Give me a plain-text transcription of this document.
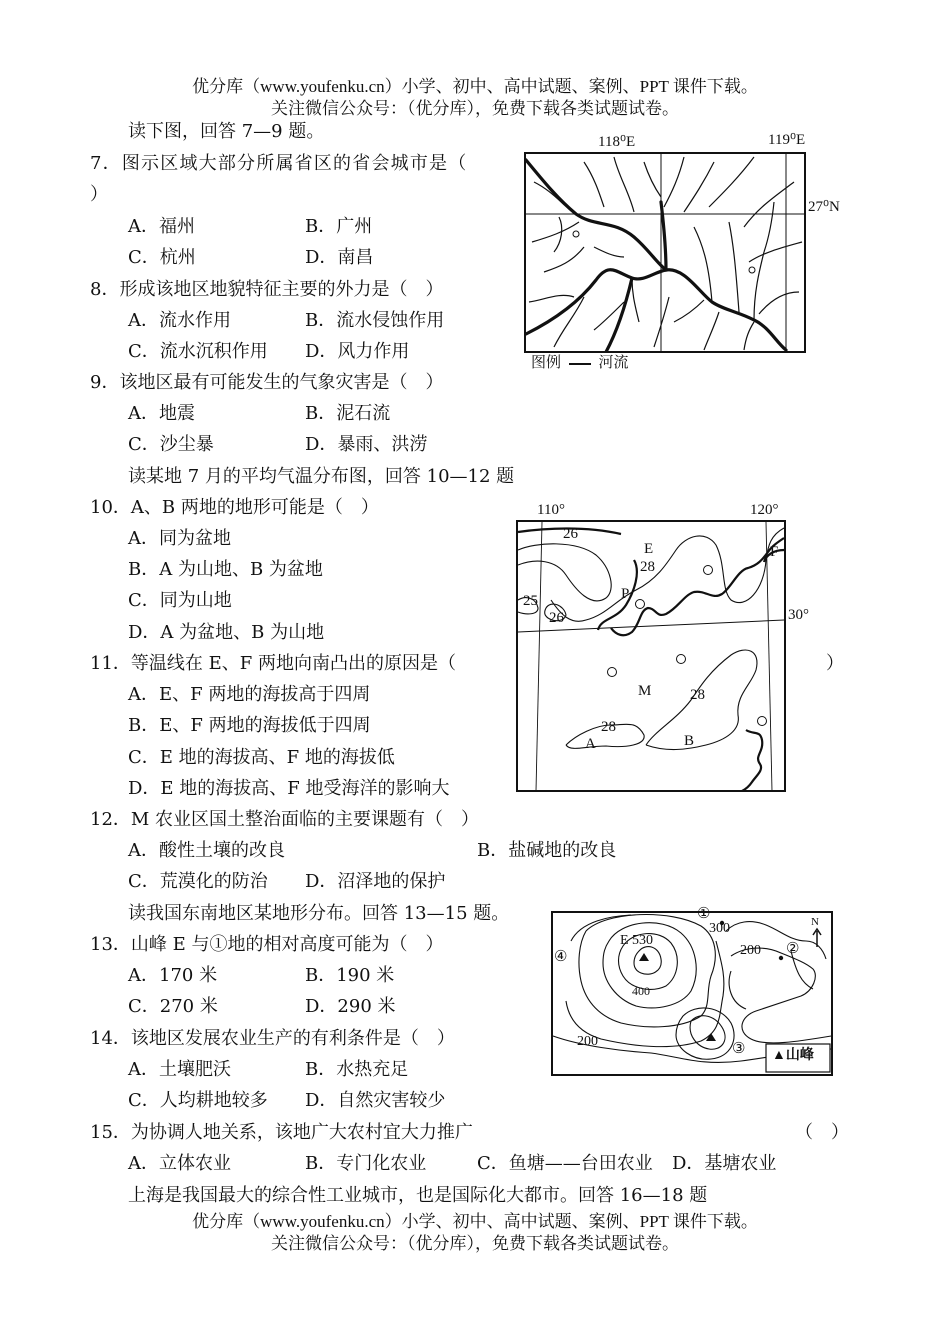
优分库（www.youfenku.cn）小学、初中、高中试题、案例、PPT 课件下载。
关注微信公众号：（优分库），免费下载各类试题试卷。
读下图，回答 7—9 题。
7．图示区域大部分所属省区的省会城市是（
）
A．福州	B．广州
C．杭州	D．南昌
8．形成该地区地貌特征主要的外力是（　）
A．流水作用	B．流水侵蚀作用
C．流水沉积作用 D．风力作用
9．该地区最有可能发生的气象灾害是（　）
A．地震	B．泥石流
C．沙尘暴	D．暴雨、洪涝
118⁰E	119⁰E
27⁰N
图例	河流
读某地 7 月的平均气温分布图，回答 10—12 题
10．A、B 两地的地形可能是（　）
A．同为盆地
B．A 为山地、B 为盆地
C．同为山地
D．A 为盆地、B 为山地
11．等温线在 E、F 两地向南凸出的原因是（	）
A．E、F 两地的海拔高于四周
B．E、F 两地的海拔低于四周
C．E 地的海拔高、F 地的海拔低
D．E 地的海拔高、F 地受海洋的影响大
12．M 农业区国土整治面临的主要课题有（　）
A．酸性土壤的改良	B．盐碱地的改良
C．荒漠化的防治 D．沼泽地的保护
110°	120°
30°
26
E
28
F
P
25
26
M	28
28
A	B
读我国东南地区某地形分布。回答 13—15 题。
13．山峰 E 与①地的相对高度可能为（　）
A．170 米	B．190 米
C．270 米	D．290 米
14．该地区发展农业生产的有利条件是（　）
A．土壤肥沃	B．水热充足
C．人均耕地较多 D．自然灾害较少
15．为协调人地关系，该地广大农村宜大力推广	（　）
A．立体农业	B．专门化农业	C．鱼塘——台田农业 D．基塘农业
上海是我国最大的综合性工业城市，也是国际化大都市。回答 16—18 题
E 530
400
300
200
200
①
②
③
④
N
▲山峰
优分库（www.youfenku.cn）小学、初中、高中试题、案例、PPT 课件下载。
关注微信公众号：（优分库），免费下载各类试题试卷。
